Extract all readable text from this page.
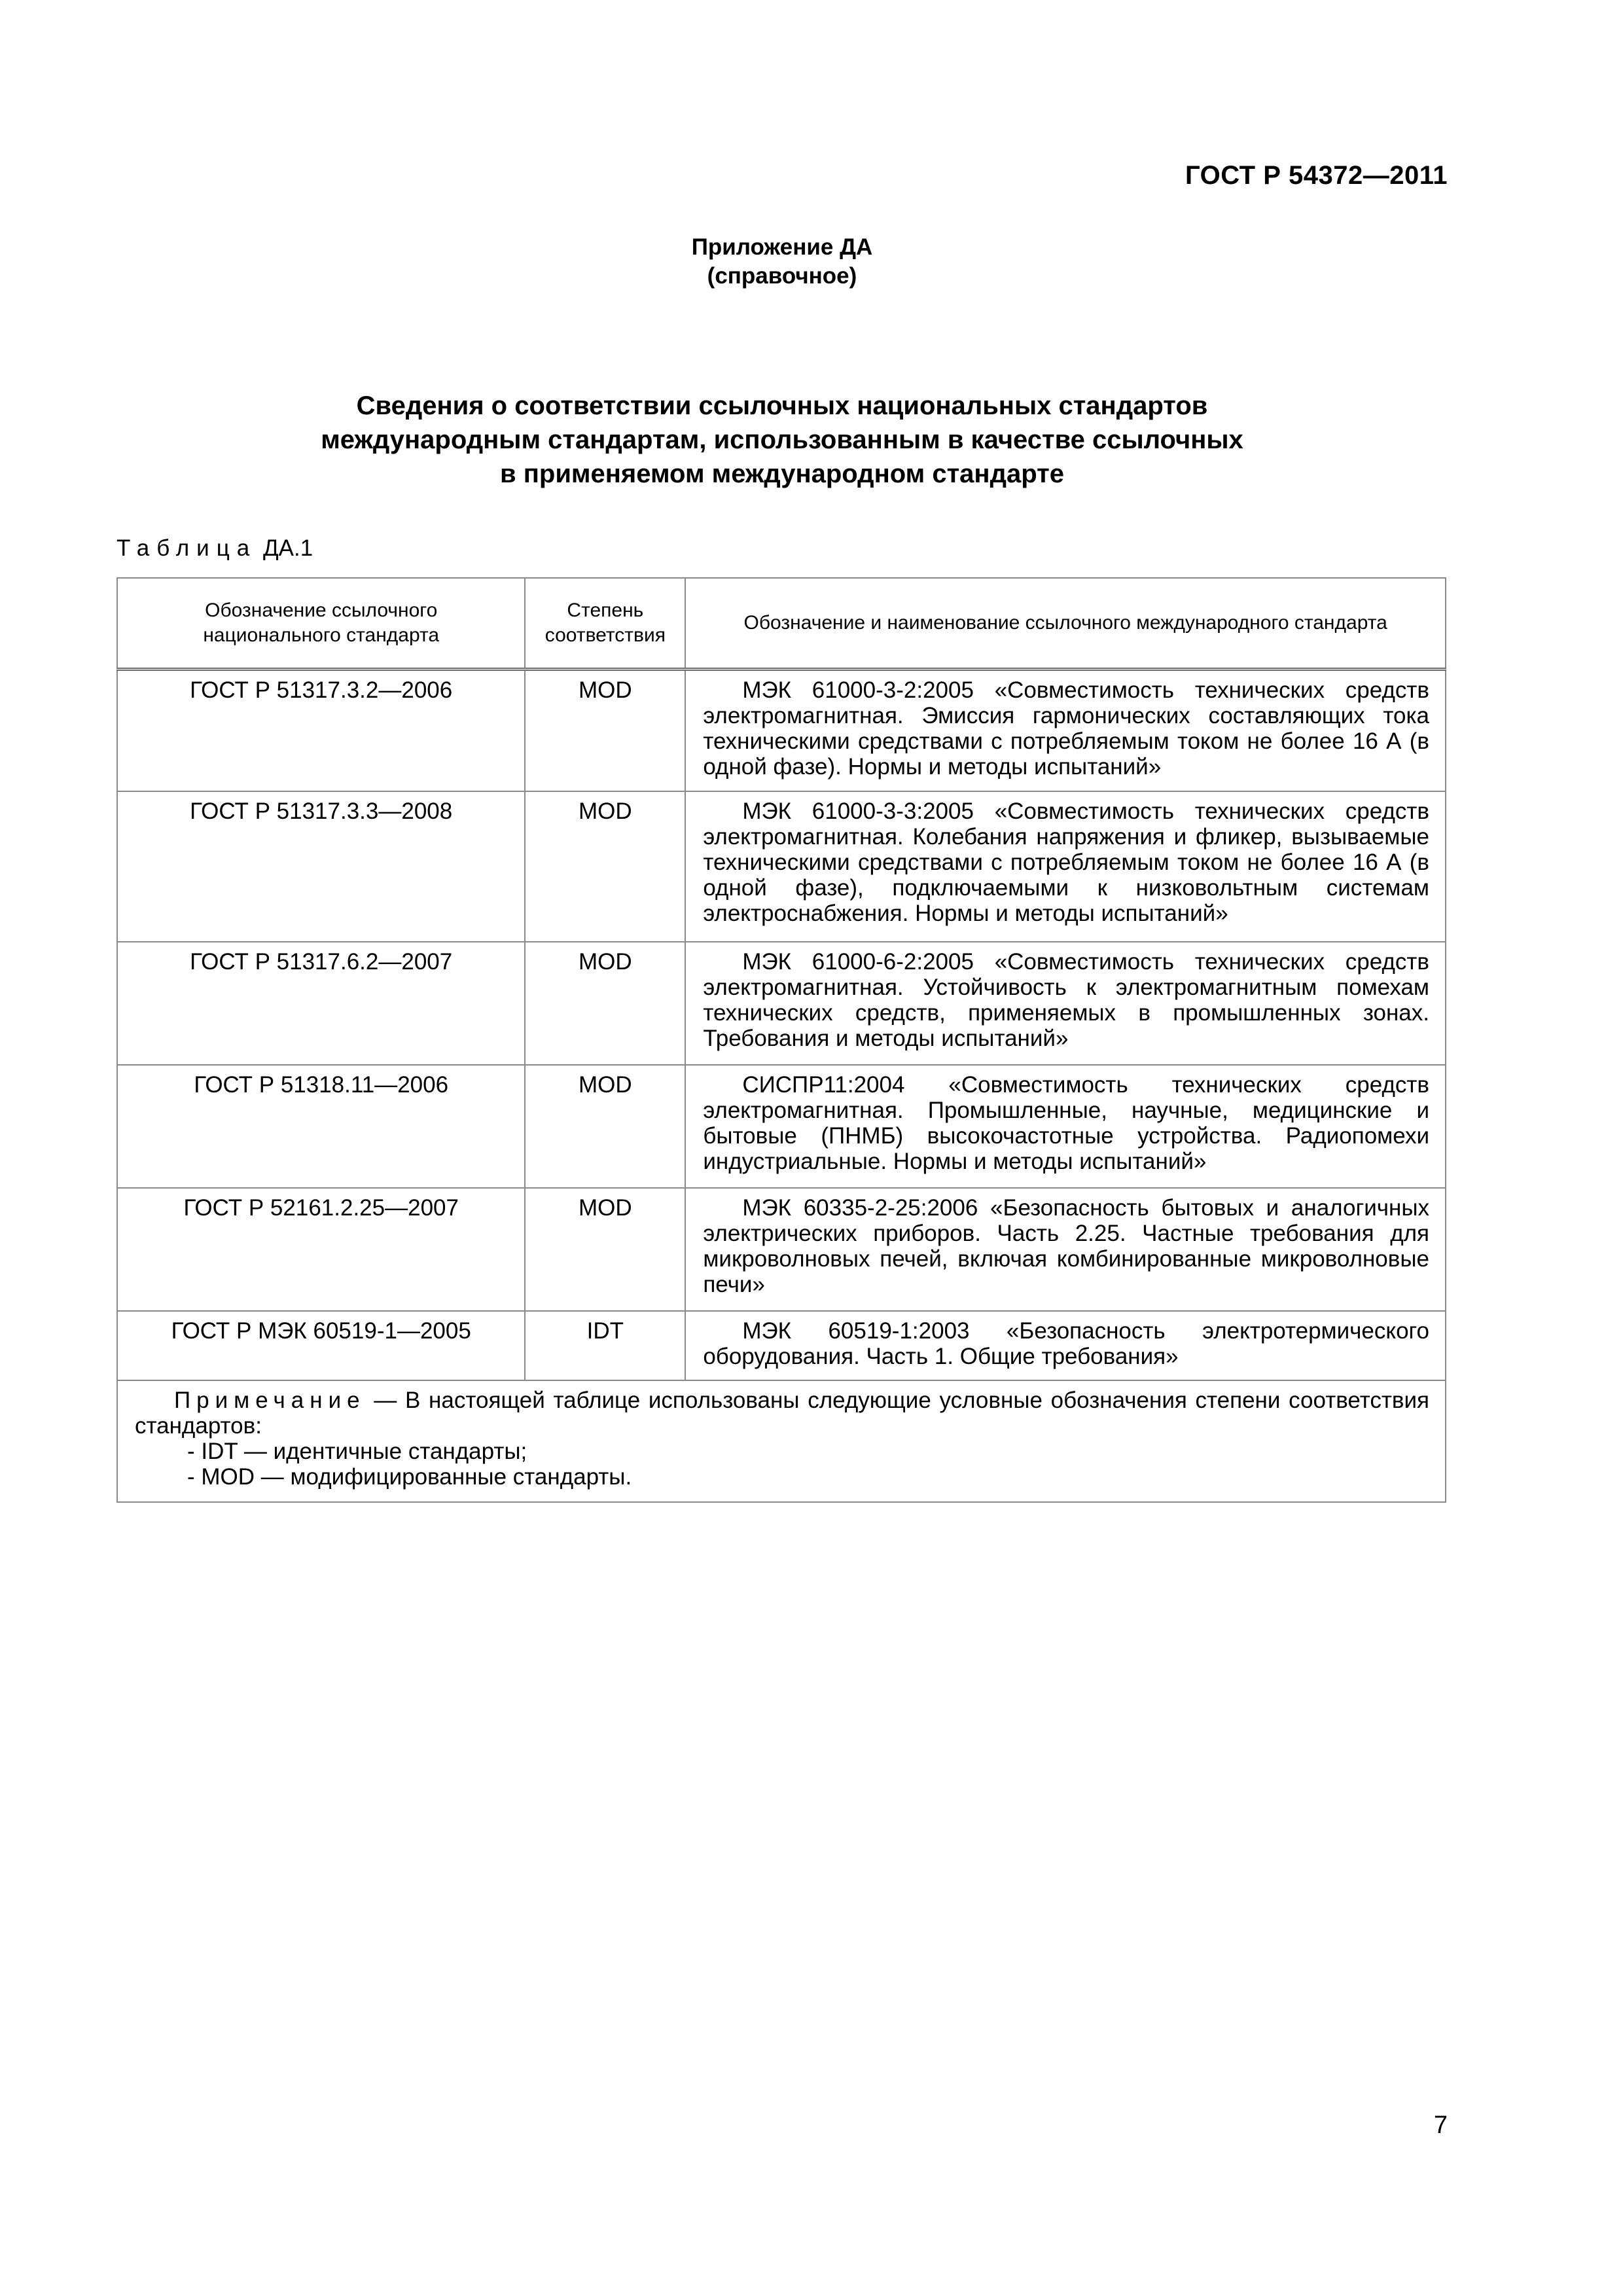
ГОСТ Р 54372—2011
Приложение ДА
(справочное)
Сведения о соответствии ссылочных национальных стандартов
международным стандартам, использованным в качестве ссылочных
в применяемом международном стандарте
Таблица ДА.1
Обозначение ссылочного национального стандарта	Степень соответствия	Обозначение и наименование ссылочного международного стандарта
ГОСТ Р 51317.3.2—2006	MOD	МЭК 61000-3-2:2005 «Совместимость технических средств электромагнитная. Эмиссия гармонических составляющих тока техническими средствами с потребляемым током не более 16 А (в одной фазе). Нормы и методы испытаний»

ГОСТ Р 51317.3.3—2008	MOD	МЭК 61000-3-3:2005 «Совместимость технических средств электромагнитная. Колебания напряжения и фликер, вызываемые техническими средствами с потребляемым током не более 16 А (в одной фазе), подключаемыми к низковольтным системам электроснабжения. Нормы и методы испытаний»

ГОСТ Р 51317.6.2—2007	MOD	МЭК 61000-6-2:2005 «Совместимость технических средств электромагнитная. Устойчивость к электромагнитным помехам технических средств, применяемых в промышленных зонах. Требования и методы испытаний»

ГОСТ Р 51318.11—2006	MOD	СИСПР11:2004 «Совместимость технических средств электромагнитная. Промышленные, научные, медицинские и бытовые (ПНМБ) высокочастотные устройства. Радиопомехи индустриальные. Нормы и методы испытаний»

ГОСТ Р 52161.2.25—2007	MOD	МЭК 60335-2-25:2006 «Безопасность бытовых и аналогичных электрических приборов. Часть 2.25. Частные требования для микроволновых печей, включая комбинированные микроволновые печи»

ГОСТ Р МЭК 60519-1—2005	IDT	МЭК 60519-1:2003 «Безопасность электротермического оборудования. Часть 1. Общие требования»

Примечание — В настоящей таблице использованы следующие условные обозначения степени соответствия стандартов:
- IDT — идентичные стандарты;
- MOD — модифицированные стандарты.		
7
